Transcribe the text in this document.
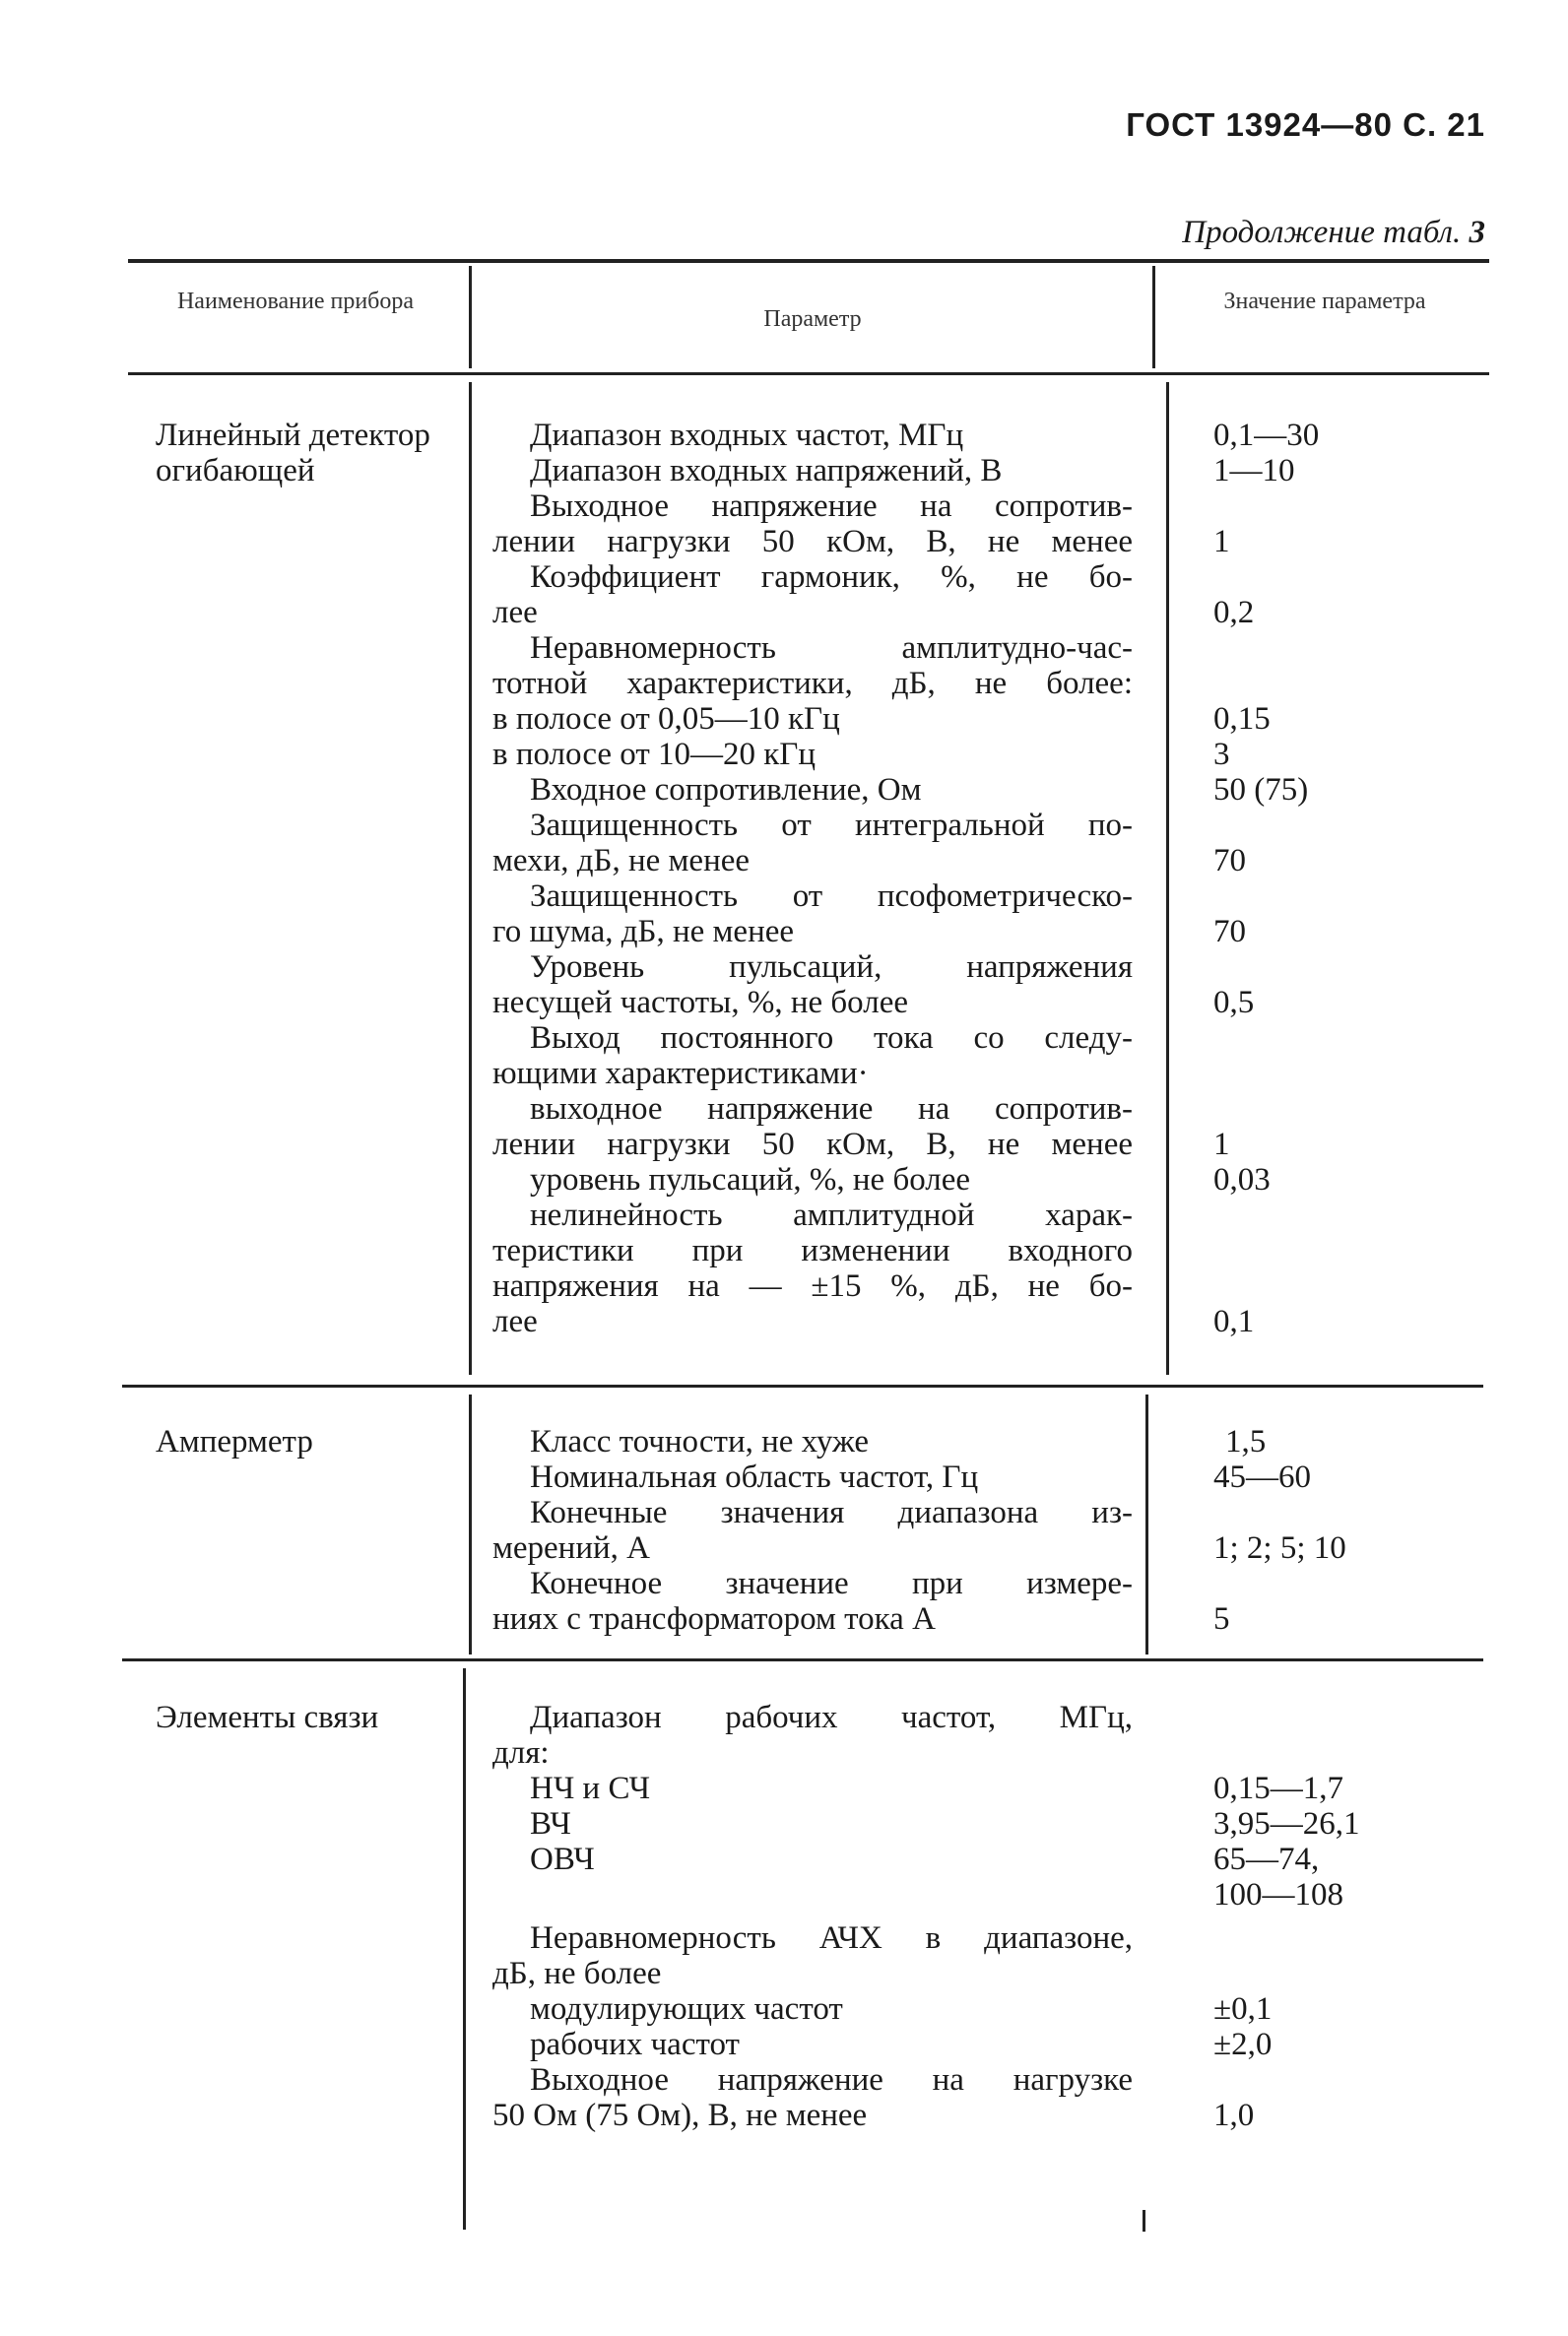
ГОСТ 13924—80 С. 21
Продолжение табл. 3
Наименование прибора
Параметр
Значение параметра
Линейный детектор огибающей
Диапазон входных частот, МГц	0,1—30
Диапазон входных напряжений, В	1—10
Выходное напряжение на сопротив-
лении нагрузки 50 кОм, В, не менее 1
Коэффициент гармоник, %, не бо-
лее	0,2
Неравномерность амплитудно-час-
тотной характеристики, дБ, не более:
в полосе от 0,05—10 кГц	0,15
в полосе от 10—20 кГц	3
Входное сопротивление, Ом	50 (75)
Защищенность от интегральной по-
мехи, дБ, не менее	70
Защищенность от псофометрическо-
го шума, дБ, не менее	70
Уровень пульсаций, напряжения
несущей частоты, %, не более	0,5
Выход постоянного тока со следу-
ющими характеристиками·
выходное напряжение на сопротив-
лении нагрузки 50 кОм, В, не менее 1
уровень пульсаций, %, не более	0,03
нелинейность амплитудной харак-
теристики при изменении входного
напряжения на — ±15 %, дБ, не бо-
лее	0,1
Амперметр	Класс точности, не хуже	1,5
Номинальная область частот, Гц	45—60
Конечные значения диапазона из-
мерений, А	1; 2; 5; 10
Конечное значение при измере-
ниях с трансформатором тока А	5
Элементы связи	Диапазон рабочих частот, МГц,
для:
НЧ и СЧ	0,15—1,7
ВЧ	3,95—26,1
ОВЧ	65—74,
100—108
Неравномерность АЧХ в диапазоне,
дБ, не более
модулирующих частот	±0,1
рабочих частот	±2,0
Выходное напряжение на нагрузке
50 Ом (75 Ом), В, не менее	1,0
